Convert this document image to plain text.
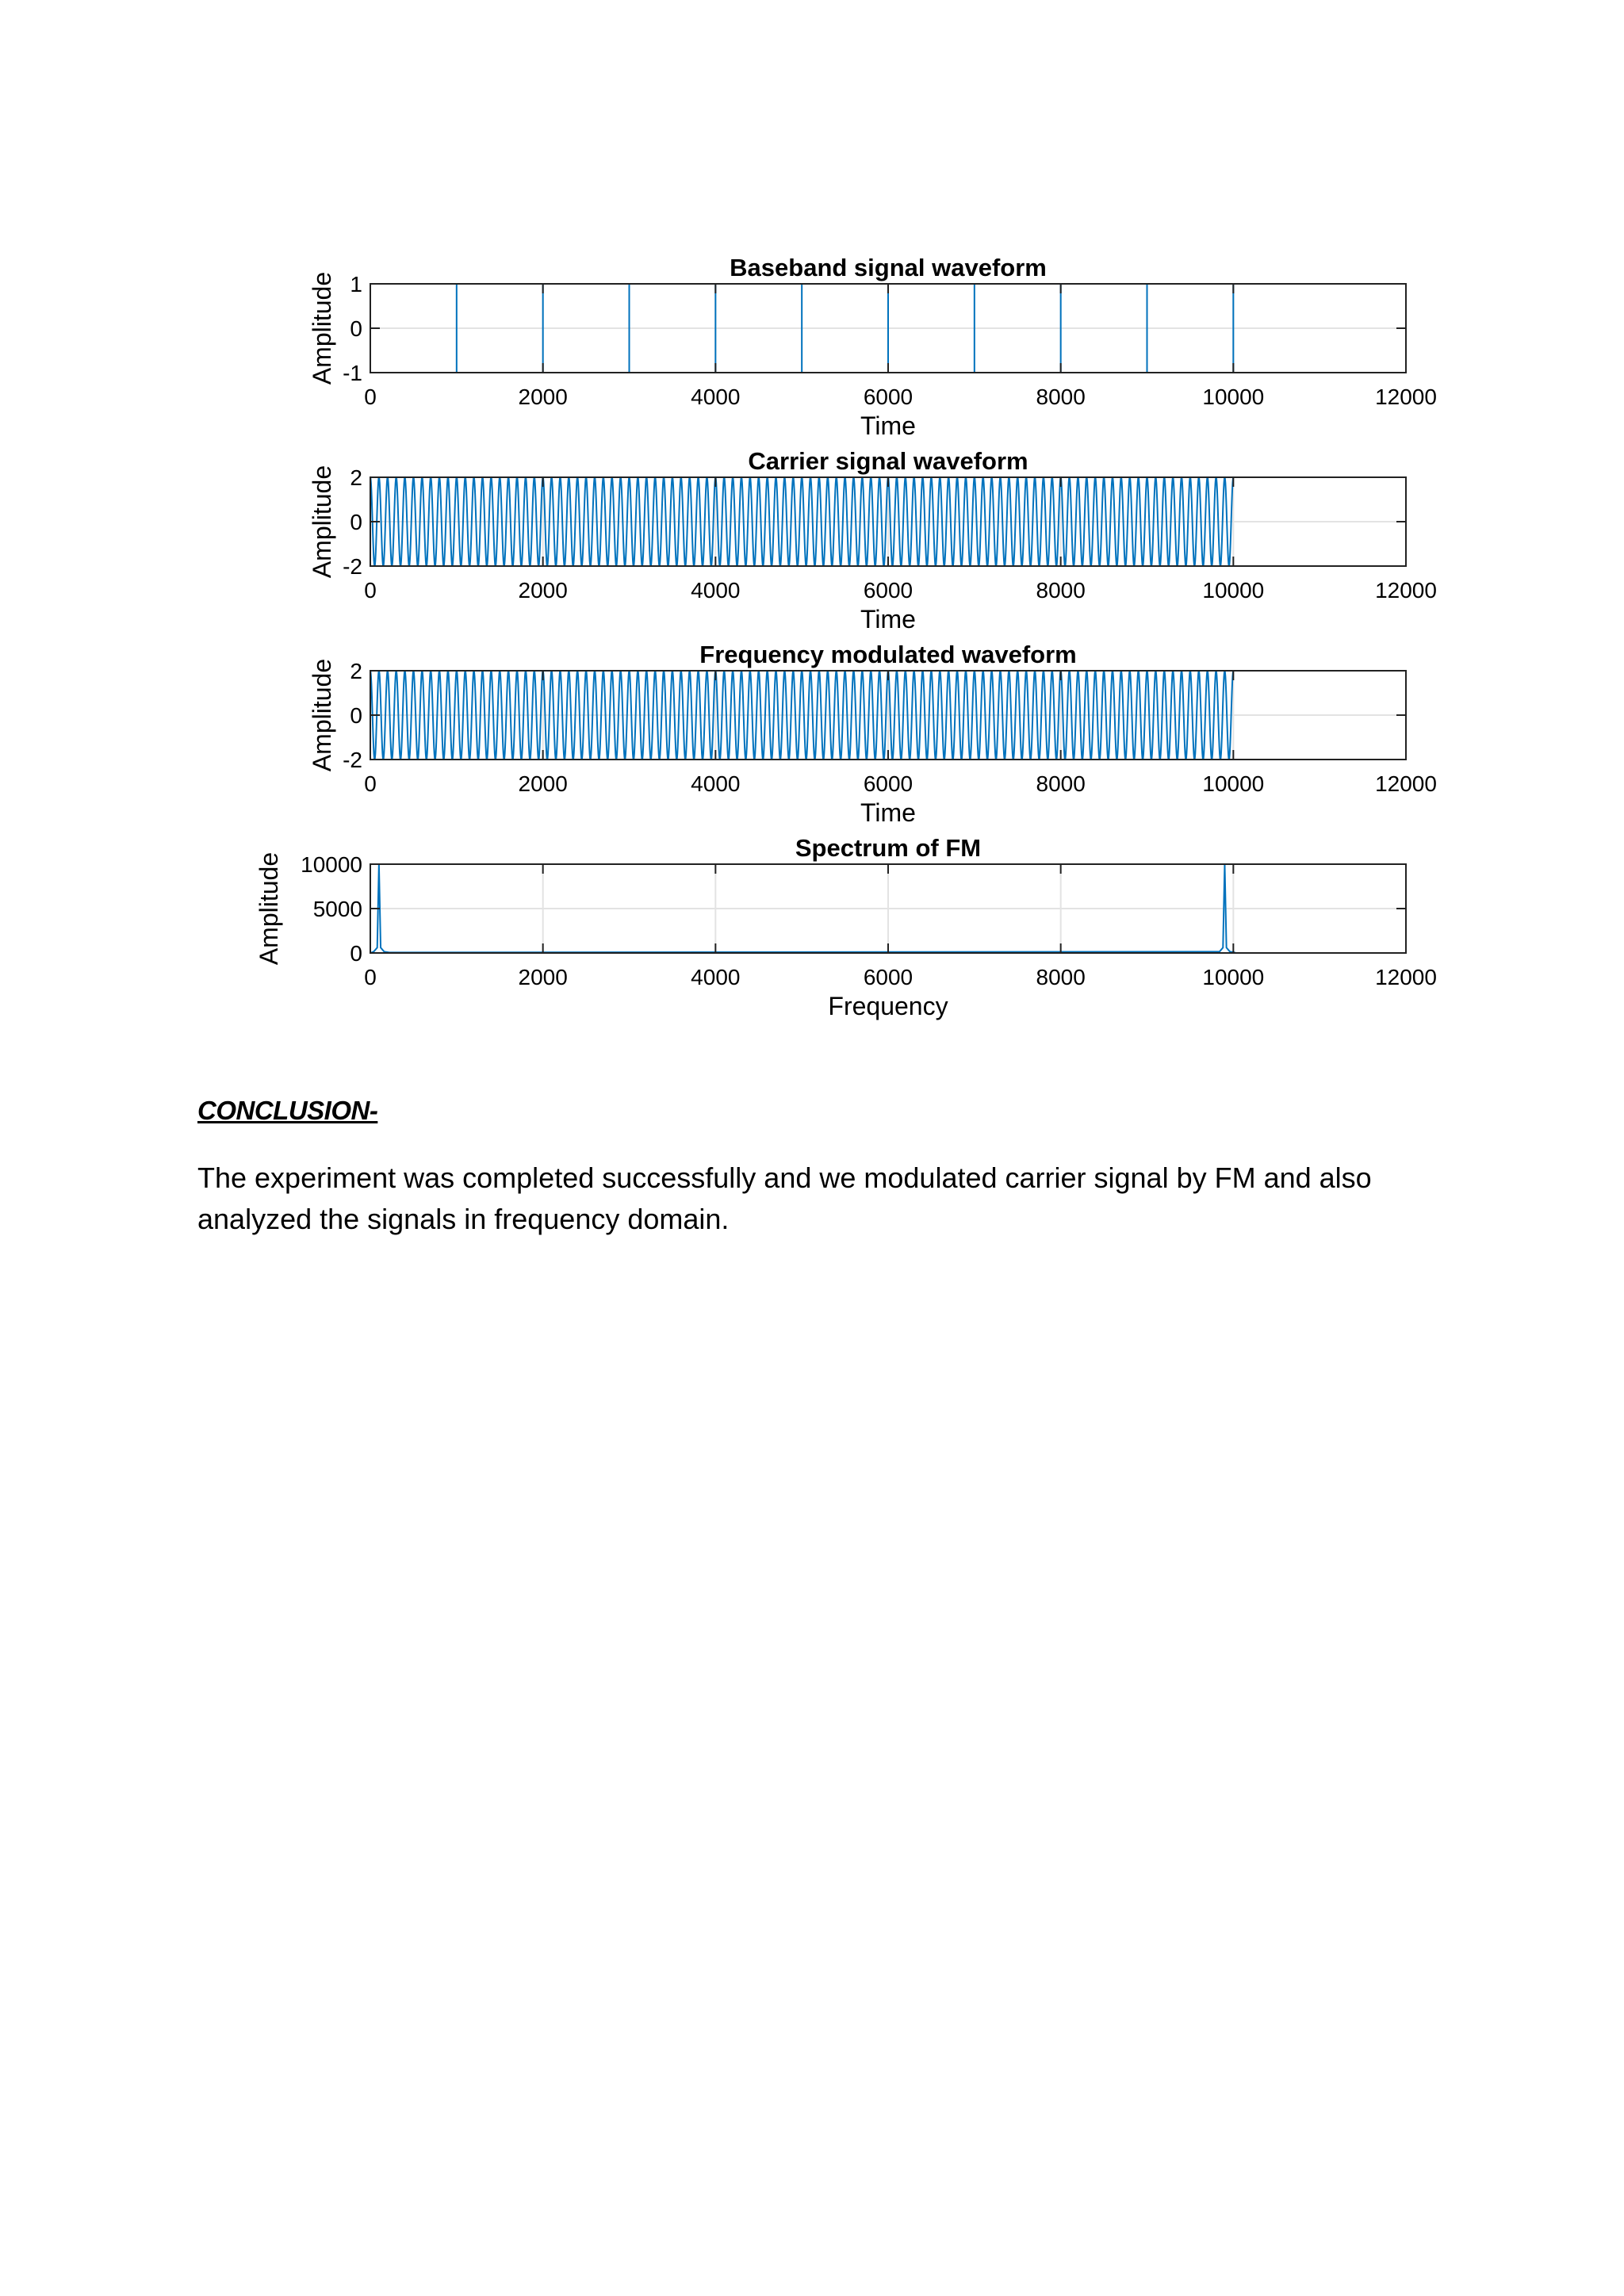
0	2000	4000	6000	8000	10000	12000
-1
0
1
Baseband signal waveform
Time
Amplitude
0	2000	4000	6000	8000	10000	12000
-2
0
2
Carrier signal waveform
Time
Amplitude
0	2000	4000	6000	8000	10000	12000
-2
0
2
Frequency modulated waveform
Time
Amplitude
0	2000	4000	6000	8000	10000	12000
0
5000
10000
Spectrum of FM
Frequency
Amplitude
CONCLUSION-

The experiment was completed successfully and we modulated carrier signal by FM and also analyzed the signals in frequency domain.
